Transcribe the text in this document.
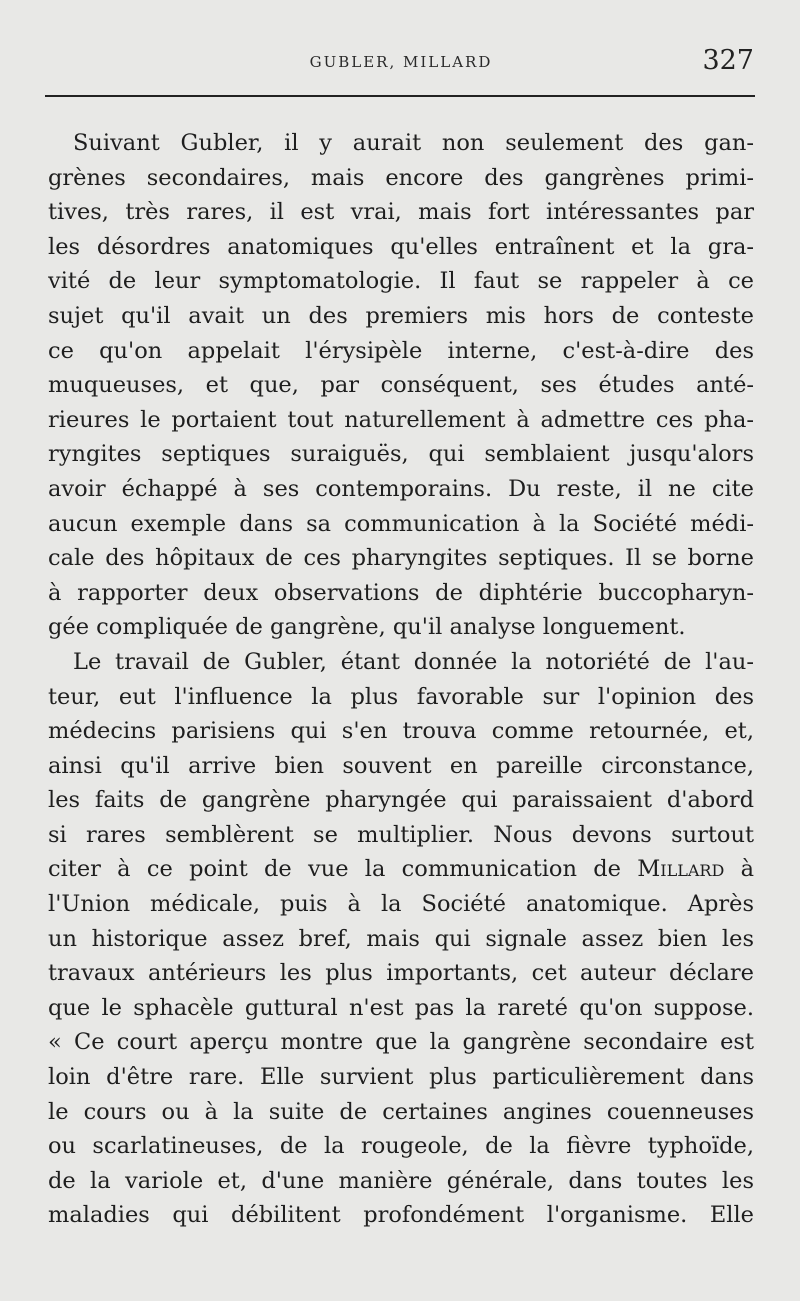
GUBLER, MILLARD	327
Suivant Gubler, il y aurait non seulement des gan-
grènes secondaires, mais encore des gangrènes primi-
tives, très rares, il est vrai, mais fort intéressantes par
les désordres anatomiques qu'elles entraînent et la gra-
vité de leur symptomatologie. Il faut se rappeler à ce
sujet qu'il avait un des premiers mis hors de conteste
ce qu'on appelait l'érysipèle interne, c'est-à-dire des
muqueuses, et que, par conséquent, ses études anté-
rieures le portaient tout naturellement à admettre ces pha-
ryngites septiques suraiguës, qui semblaient jusqu'alors
avoir échappé à ses contemporains. Du reste, il ne cite
aucun exemple dans sa communication à la Société médi-
cale des hôpitaux de ces pharyngites septiques. Il se borne
à rapporter deux observations de diphtérie buccopharyn-
gée compliquée de gangrène, qu'il analyse longuement.
Le travail de Gubler, étant donnée la notoriété de l'au-
teur, eut l'influence la plus favorable sur l'opinion des
médecins parisiens qui s'en trouva comme retournée, et,
ainsi qu'il arrive bien souvent en pareille circonstance,
les faits de gangrène pharyngée qui paraissaient d'abord
si rares semblèrent se multiplier. Nous devons surtout
citer à ce point de vue la communication de Millard à
l'Union médicale, puis à la Société anatomique. Après
un historique assez bref, mais qui signale assez bien les
travaux antérieurs les plus importants, cet auteur déclare
que le sphacèle guttural n'est pas la rareté qu'on suppose.
« Ce court aperçu montre que la gangrène secondaire est
loin d'être rare. Elle survient plus particulièrement dans
le cours ou à la suite de certaines angines couenneuses
ou scarlatineuses, de la rougeole, de la fièvre typhoïde,
de la variole et, d'une manière générale, dans toutes les
maladies qui débilitent profondément l'organisme. Elle
